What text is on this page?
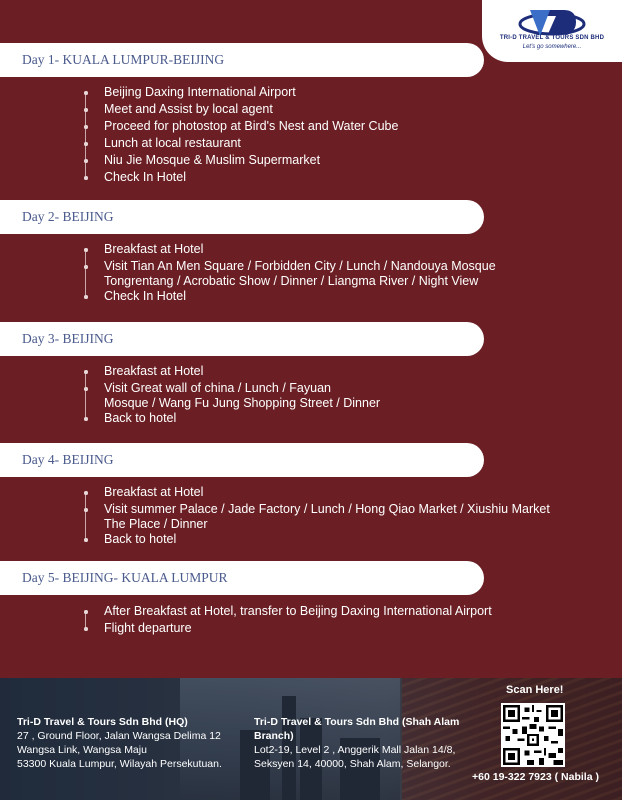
TRI-D TRAVEL & TOURS SDN BHD
Let's go somewhere...
Day 1- KUALA LUMPUR-BEIJING
Beijing Daxing International Airport
Meet and Assist by local agent
Proceed for photostop at Bird's Nest and Water Cube
Lunch at local restaurant
Niu Jie Mosque & Muslim Supermarket
Check In Hotel
Day 2- BEIJING
Breakfast at Hotel
Visit Tian An Men Square / Forbidden City / Lunch / Nandouya Mosque
Tongrentang / Acrobatic Show / Dinner / Liangma River / Night View
Check In Hotel
Day 3- BEIJING
Breakfast at Hotel
Visit Great wall of china / Lunch / Fayuan
Mosque / Wang Fu Jung Shopping Street / Dinner
Back to hotel
Day 4- BEIJING
Breakfast at Hotel
Visit summer Palace / Jade Factory / Lunch / Hong Qiao Market / Xiushiu Market
The Place / Dinner
Back to hotel
Day 5- BEIJING- KUALA LUMPUR
After Breakfast at Hotel, transfer to Beijing Daxing International Airport
Flight departure
Tri-D Travel & Tours Sdn Bhd (HQ)
27 , Ground Floor, Jalan Wangsa Delima 12
Wangsa Link, Wangsa Maju
53300 Kuala Lumpur, Wilayah Persekutuan.
Tri-D Travel & Tours Sdn Bhd (Shah Alam
Branch)
Lot2-19, Level 2 , Anggerik Mall Jalan 14/8,
Seksyen 14, 40000, Shah Alam, Selangor.
Scan Here!
+60 19-322 7923 ( Nabila )
